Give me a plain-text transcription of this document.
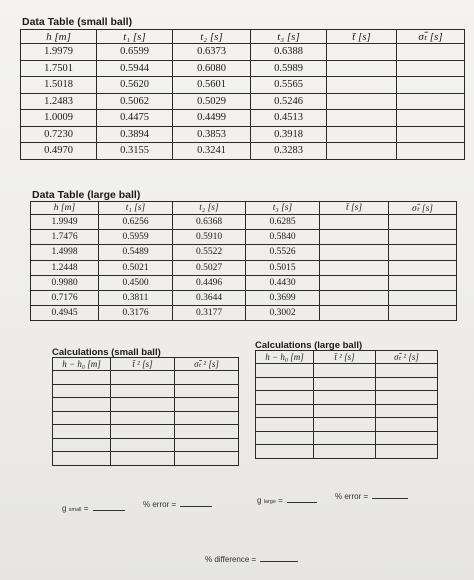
Data Table (small ball)
h [m]	t₁ [s]	t₂ [s]	t₃ [s]	t̄ [s]	σₜ̄ [s]
1.9979	0.6599	0.6373	0.6388		
1.7501	0.5944	0.6080	0.5989		
1.5018	0.5620	0.5601	0.5565		
1.2483	0.5062	0.5029	0.5246		
1.0009	0.4475	0.4499	0.4513		
0.7230	0.3894	0.3853	0.3918		
0.4970	0.3155	0.3241	0.3283		
Data Table (large ball)
h [m]	t₁ [s]	t₂ [s]	t₃ [s]	t̄ [s]	σₜ̄ [s]
1.9949	0.6256	0.6368	0.6285		
1.7476	0.5959	0.5910	0.5840		
1.4998	0.5489	0.5522	0.5526		
1.2448	0.5021	0.5027	0.5015		
0.9980	0.4500	0.4496	0.4430		
0.7176	0.3811	0.3644	0.3699		
0.4945	0.3176	0.3177	0.3002		
Calculations (small ball)
h − h₀ [m]	t̄ ² [s]	σₜ̄ ² [s]

Calculations (large ball)
h − h₀ [m]	t̄ ² [s]	σₜ̄ ² [s]

g small =	% error =	g large =	% error =
% difference =
